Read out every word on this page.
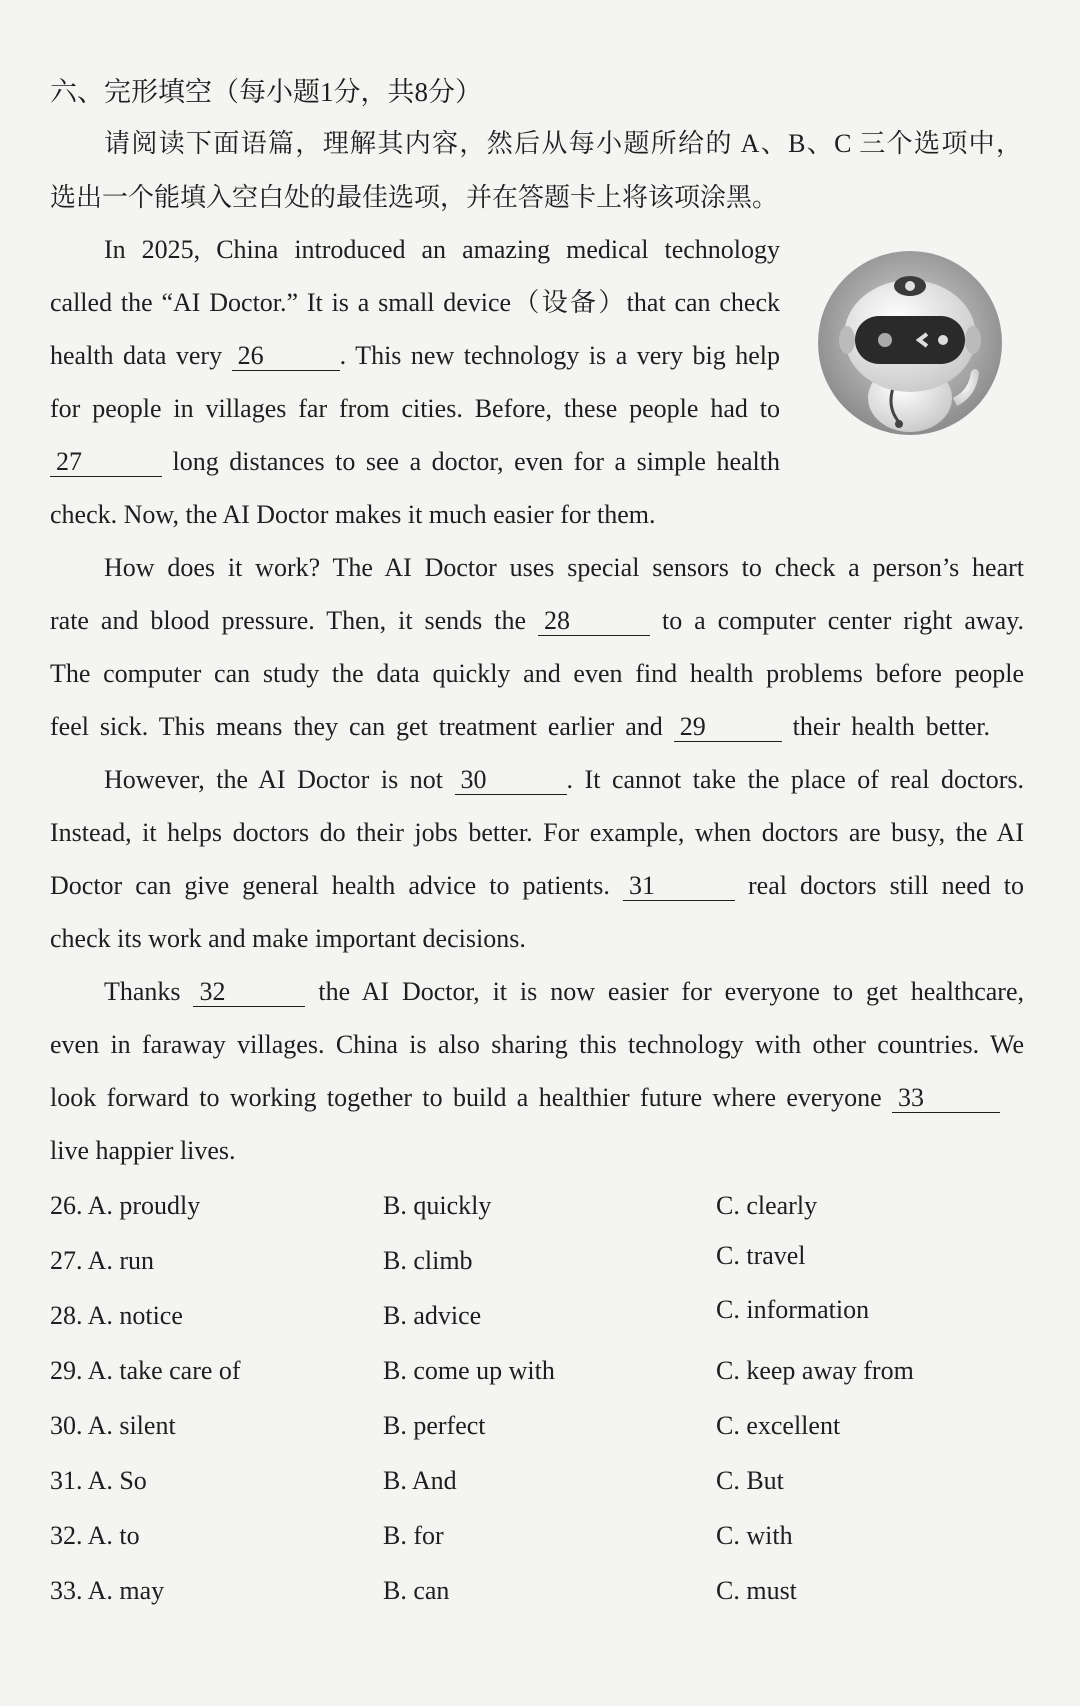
六、完形填空（每小题1分，共8分）
请阅读下面语篇，理解其内容，然后从每小题所给的 A、B、C 三个选项中，
选出一个能填入空白处的最佳选项，并在答题卡上将该项涂黑。
In 2025, China introduced an amazing medical technology
called the “AI Doctor.” It is a small device（设备）that can check
health data very 26	. This new technology is a very big help
for people in villages far from cities. Before, these people had to
27	long distances to see a doctor, even for a simple health
check. Now, the AI Doctor makes it much easier for them.
How does it work? The AI Doctor uses special sensors to check a person’s heart
rate and blood pressure. Then, it sends the 28	to a computer center right away.
The computer can study the data quickly and even find health problems before people
feel sick. This means they can get treatment earlier and 29	their health better.
However, the AI Doctor is not 30	. It cannot take the place of real doctors.
Instead, it helps doctors do their jobs better. For example, when doctors are busy, the AI
Doctor can give general health advice to patients. 31	real doctors still need to
check its work and make important decisions.
Thanks 32	the AI Doctor, it is now easier for everyone to get healthcare,
even in faraway villages. China is also sharing this technology with other countries. We
look forward to working together to build a healthier future where everyone 33
live happier lives.
26. A. proudly	B. quickly	C. clearly
27. A. run	B. climb	C. travel
28. A. notice	B. advice	C. information
29. A. take care of	B. come up with	C. keep away from
30. A. silent	B. perfect	C. excellent
31. A. So	B. And	C. But
32. A. to	B. for	C. with
33. A. may	B. can	C. must
